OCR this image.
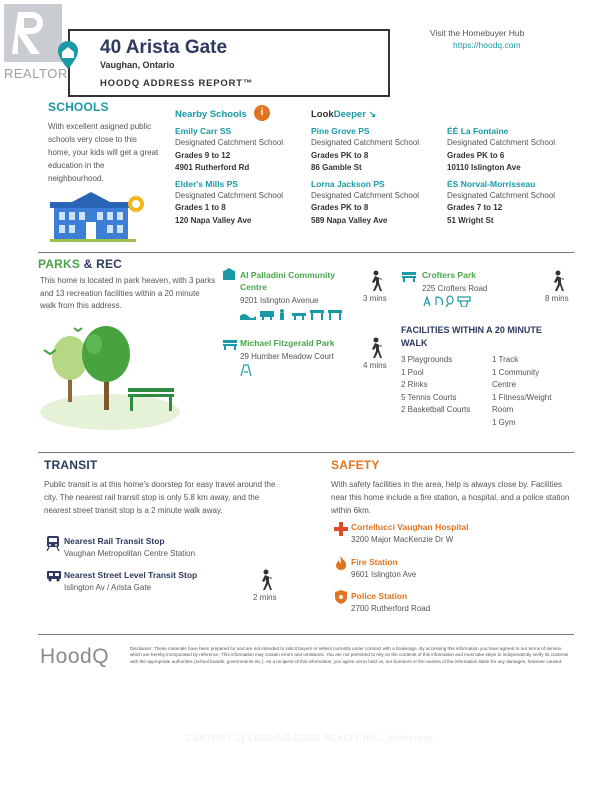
REALTOR
40 Arista Gate
Vaughan, Ontario
HOODQ ADDRESS REPORT™
Visit the Homebuyer Hub
https://hoodq.com
SCHOOLS
With excellent asigned public schools very close to this home, your kids will get a great education in the neighbourhood.
Nearby Schools	i	LookDeeper ↘
Emily Carr SS
Designated Catchment School
Grades 9 to 12
4901 Rutherford Rd
Elder's Mills PS
Designated Catchment School
Grades 1 to 8
120 Napa Valley Ave
Pine Grove PS
Designated Catchment School
Grades PK to 8
86 Gamble St
Lorna Jackson PS
Designated Catchment School
Grades PK to 8
589 Napa Valley Ave
ÉÉ La Fontaine
Designated Catchment School
Grades PK to 6
10110 Islington Ave
ÉS Norval-Morrisseau
Designated Catchment School
Grades 7 to 12
51 Wright St
PARKS & REC
This home is located in park heaven, with 3 parks and 13 recreation facilities within a 20 minute walk from this address.
Al Palladini Community
Centre
9201 Islington Avenue	3 mins
Crofters Park
225 Crofters Road
8 mins
Michael Fitzgerald Park
29 Humber Meadow Court
4 mins
FACILITIES WITHIN A 20 MINUTE
WALK
3 Playgrounds
1 Pool
2 Rinks
5 Tennis Courts
2 Basketball Courts
1 Track
1 Community
Centre
1 Fitness/Weight
Room
1 Gym
TRANSIT
Public transit is at this home's doorstep for easy travel around the city. The nearest rail transit stop is only 5.8 km away, and the nearest street transit stop is a 2 minute walk away.
Nearest Rail Transit Stop
Vaughan Metropolitan Centre Station
Nearest Street Level Transit Stop
Islington Av / Arista Gate
2 mins
SAFETY
With safety facilities in the area, help is always close by. Facilities near this home include a fire station, a hospital, and a police station within 6km.
Cortellucci Vaughan Hospital
3200 Major MacKenzie Dr W
Fire Station
9601 Islington Ave
Police Station
2700 Rutherford Road
HoodQ	Disclaimer: These materials have been prepared for and are not intended to solicit buyers or sellers currently under contract with a brokerage. By accessing this information you have agreed to our terms of service, which are hereby incorporated by reference. This information may contain errors and omissions. You are not permitted to rely on the contents of this information and must take steps to independently verify its contents with the appropriate authorities (school boards, governments etc.). As a recipient of this information, you agree not to hold us, our licensors or the owners of the information liable for any damages, however caused.
CENTURY 21 LEADING EDGE REALTY INC., Brokerage
